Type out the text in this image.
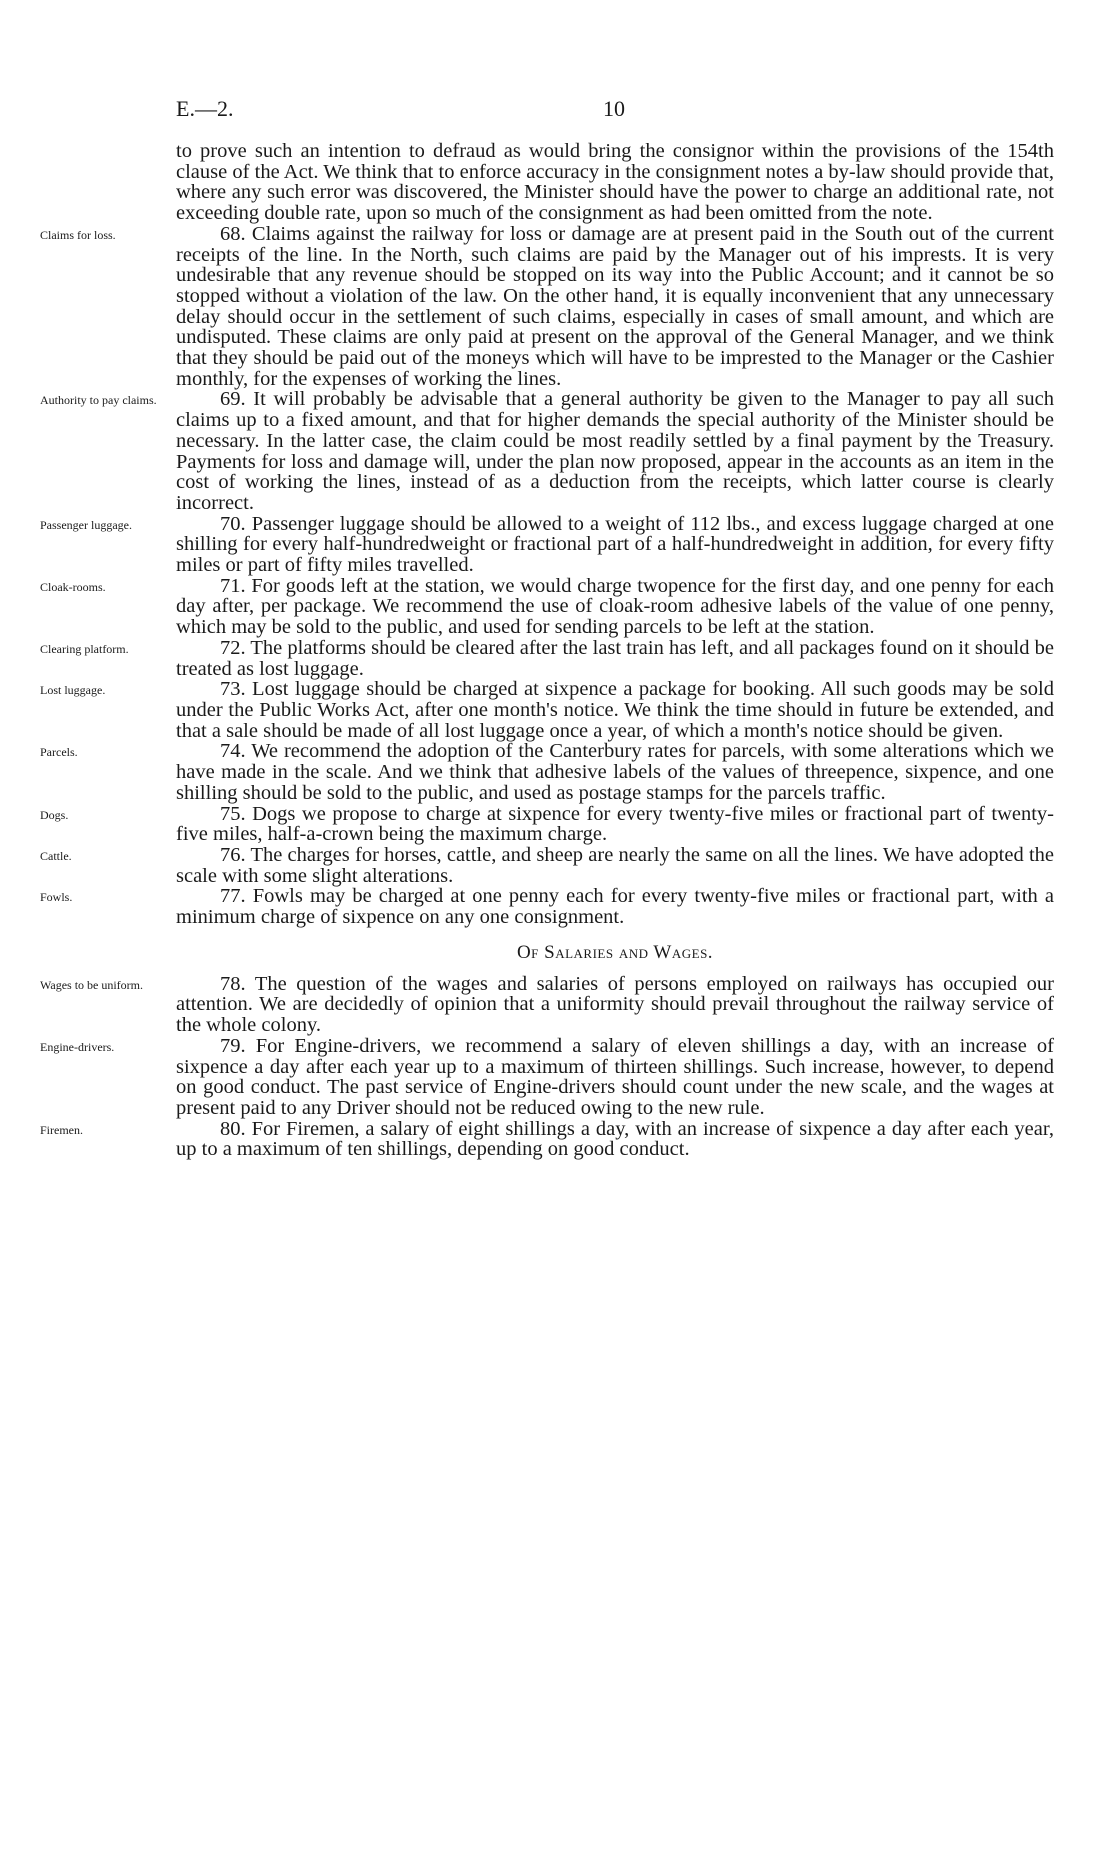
E.—2.	10

to prove such an intention to defraud as would bring the consignor within the provisions of the 154th clause of the Act. We think that to enforce accuracy in the consignment notes a by-law should provide that, where any such error was discovered, the Minister should have the power to charge an additional rate, not exceeding double rate, upon so much of the consignment as had been omitted from the note.

Claims for loss.	68. Claims against the railway for loss or damage are at present paid in the South out of the current receipts of the line. In the North, such claims are paid by the Manager out of his imprests. It is very undesirable that any revenue should be stopped on its way into the Public Account; and it cannot be so stopped without a violation of the law. On the other hand, it is equally inconvenient that any unnecessary delay should occur in the settlement of such claims, especially in cases of small amount, and which are undisputed. These claims are only paid at present on the approval of the General Manager, and we think that they should be paid out of the moneys which will have to be imprested to the Manager or the Cashier monthly, for the expenses of working the lines.

Authority to pay claims.	69. It will probably be advisable that a general authority be given to the Manager to pay all such claims up to a fixed amount, and that for higher demands the special authority of the Minister should be necessary. In the latter case, the claim could be most readily settled by a final payment by the Treasury. Payments for loss and damage will, under the plan now proposed, appear in the accounts as an item in the cost of working the lines, instead of as a deduction from the receipts, which latter course is clearly incorrect.

Passenger luggage.	70. Passenger luggage should be allowed to a weight of 112 lbs., and excess luggage charged at one shilling for every half-hundredweight or fractional part of a half-hundredweight in addition, for every fifty miles or part of fifty miles travelled.

Cloak-rooms.	71. For goods left at the station, we would charge twopence for the first day, and one penny for each day after, per package. We recommend the use of cloak-room adhesive labels of the value of one penny, which may be sold to the public, and used for sending parcels to be left at the station.

Clearing platform.	72. The platforms should be cleared after the last train has left, and all packages found on it should be treated as lost luggage.

Lost luggage.	73. Lost luggage should be charged at sixpence a package for booking. All such goods may be sold under the Public Works Act, after one month's notice. We think the time should in future be extended, and that a sale should be made of all lost luggage once a year, of which a month's notice should be given.

Parcels.	74. We recommend the adoption of the Canterbury rates for parcels, with some alterations which we have made in the scale. And we think that adhesive labels of the values of threepence, sixpence, and one shilling should be sold to the public, and used as postage stamps for the parcels traffic.

Dogs.	75. Dogs we propose to charge at sixpence for every twenty-five miles or fractional part of twenty-five miles, half-a-crown being the maximum charge.

Cattle.	76. The charges for horses, cattle, and sheep are nearly the same on all the lines. We have adopted the scale with some slight alterations.

Fowls.	77. Fowls may be charged at one penny each for every twenty-five miles or fractional part, with a minimum charge of sixpence on any one consignment.

Of Salaries and Wages.
Wages to be uniform.	78. The question of the wages and salaries of persons employed on railways has occupied our attention. We are decidedly of opinion that a uniformity should prevail throughout the railway service of the whole colony.

Engine-drivers.	79. For Engine-drivers, we recommend a salary of eleven shillings a day, with an increase of sixpence a day after each year up to a maximum of thirteen shillings. Such increase, however, to depend on good conduct. The past service of Engine-drivers should count under the new scale, and the wages at present paid to any Driver should not be reduced owing to the new rule.

Firemen.	80. For Firemen, a salary of eight shillings a day, with an increase of sixpence a day after each year, up to a maximum of ten shillings, depending on good conduct.
